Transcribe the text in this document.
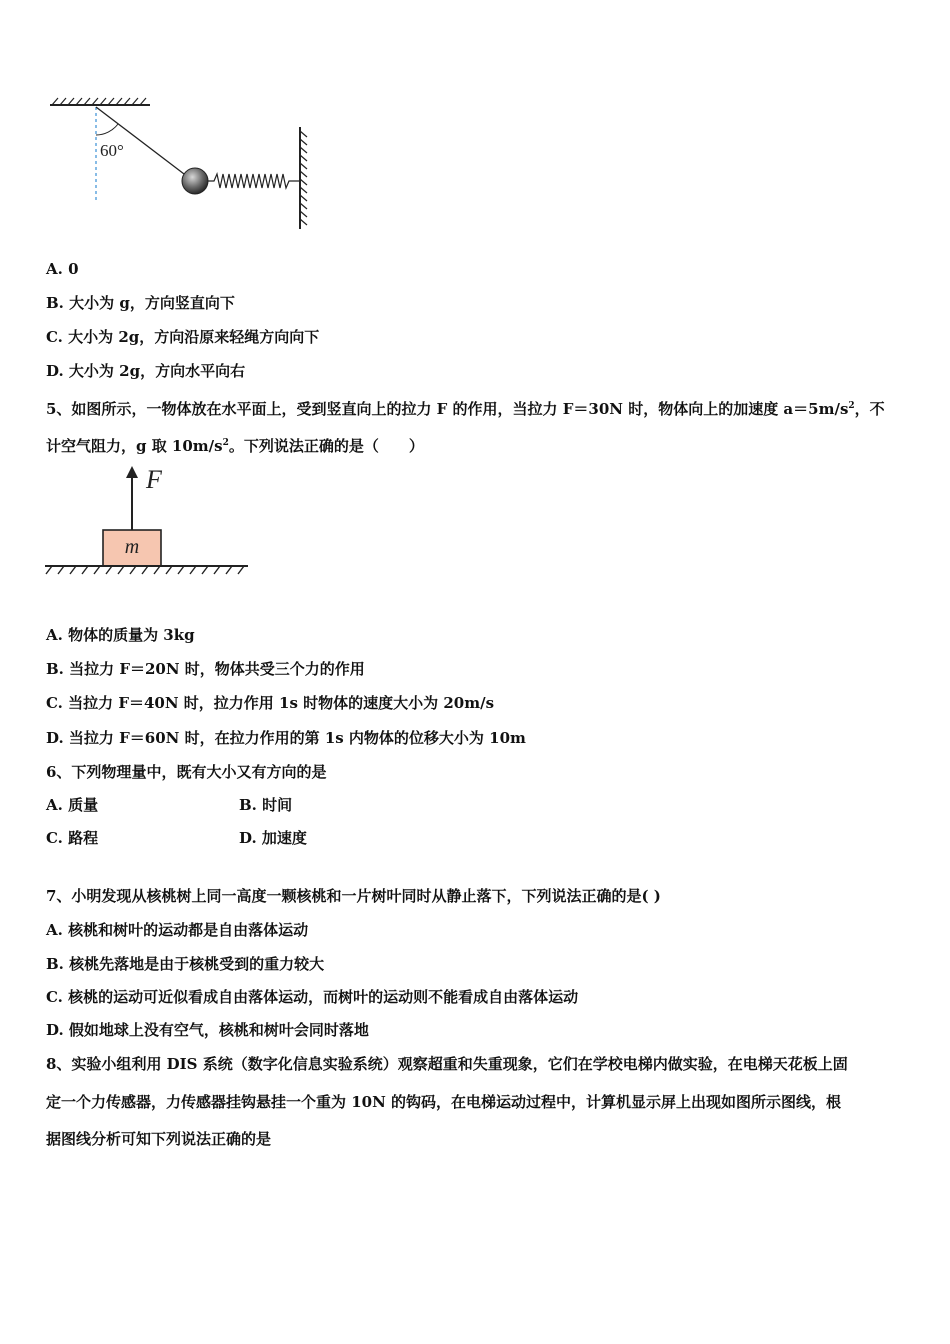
60°
A. 0
B. 大小为 g，方向竖直向下
C. 大小为 2g，方向沿原来轻绳方向向下
D. 大小为 2g，方向水平向右
5、如图所示，一物体放在水平面上，受到竖直向上的拉力 F 的作用，当拉力 F＝30N 时，物体向上的加速度 $a=5m/s^2$，不
计空气阻力，g 取 $10m/s^2$。下列说法正确的是（　　）
F
m
A. 物体的质量为 3kg
B. 当拉力 F＝20N 时，物体共受三个力的作用
C. 当拉力 F＝40N 时，拉力作用 1s 时物体的速度大小为 20m/s
D. 当拉力 F＝60N 时，在拉力作用的第 1s 内物体的位移大小为 10m
6、下列物理量中，既有大小又有方向的是
A. 质量	B. 时间
C. 路程	D. 加速度
7、小明发现从核桃树上同一高度一颗核桃和一片树叶同时从静止落下，下列说法正确的是( )
A. 核桃和树叶的运动都是自由落体运动
B. 核桃先落地是由于核桃受到的重力较大
C. 核桃的运动可近似看成自由落体运动，而树叶的运动则不能看成自由落体运动
D. 假如地球上没有空气，核桃和树叶会同时落地
8、实验小组利用 DIS 系统（数字化信息实验系统）观察超重和失重现象，它们在学校电梯内做实验，在电梯天花板上固
定一个力传感器，力传感器挂钩悬挂一个重为 10N 的钩码，在电梯运动过程中，计算机显示屏上出现如图所示图线，根
据图线分析可知下列说法正确的是
